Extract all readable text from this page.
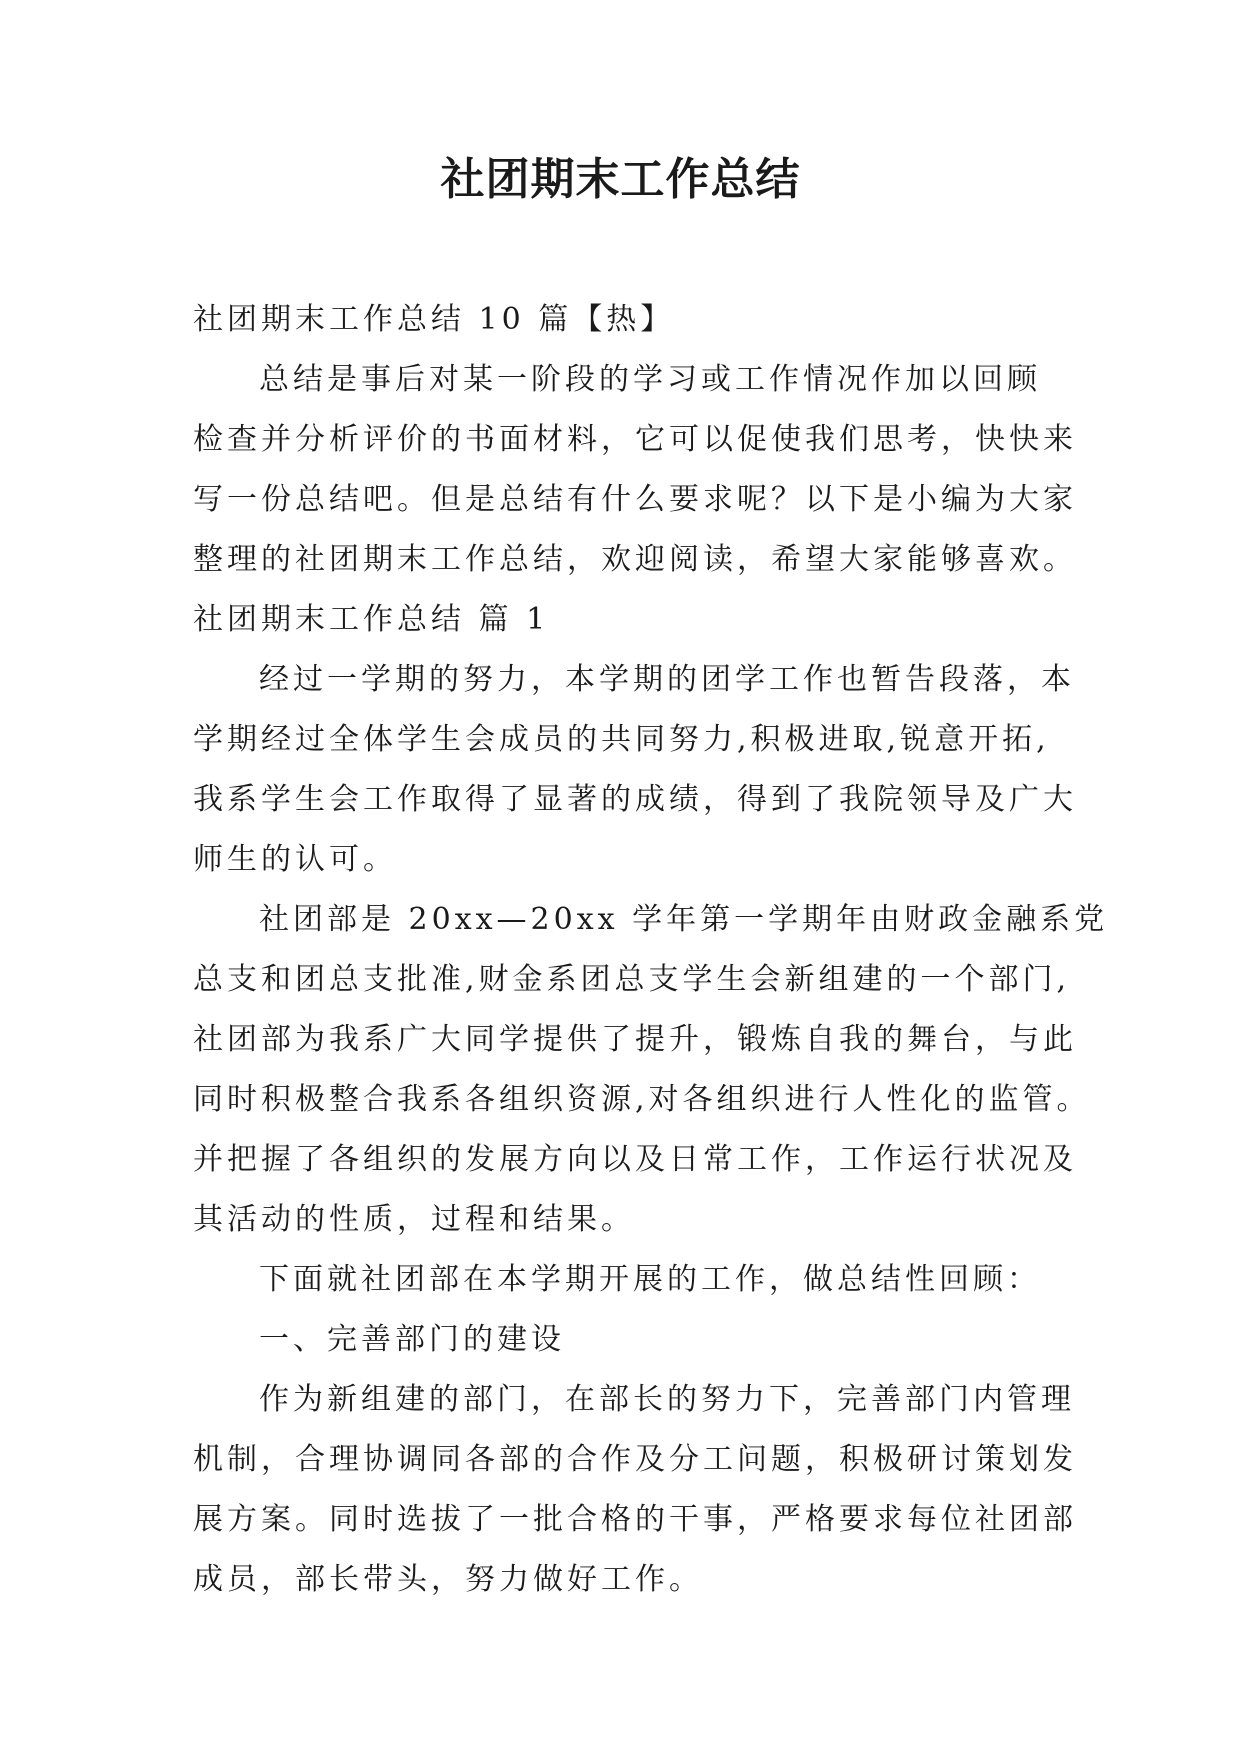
社团期末工作总结

社团期末工作总结 10 篇【热】

总结是事后对某一阶段的学习或工作情况作加以回顾

检查并分析评价的书面材料，它可以促使我们思考，快快来

写一份总结吧。但是总结有什么要求呢？以下是小编为大家

整理的社团期末工作总结，欢迎阅读，希望大家能够喜欢。

社团期末工作总结 篇 1

经过一学期的努力，本学期的团学工作也暂告段落，本

学期经过全体学生会成员的共同努力,积极进取,锐意开拓,

我系学生会工作取得了显著的成绩，得到了我院领导及广大

师生的认可。

社团部是 20xx—20xx 学年第一学期年由财政金融系党

总支和团总支批准,财金系团总支学生会新组建的一个部门,

社团部为我系广大同学提供了提升，锻炼自我的舞台，与此

同时积极整合我系各组织资源,对各组织进行人性化的监管。

并把握了各组织的发展方向以及日常工作，工作运行状况及

其活动的性质，过程和结果。

下面就社团部在本学期开展的工作，做总结性回顾：

一、完善部门的建设

作为新组建的部门，在部长的努力下，完善部门内管理

机制，合理协调同各部的合作及分工问题，积极研讨策划发

展方案。同时选拔了一批合格的干事，严格要求每位社团部

成员，部长带头，努力做好工作。
